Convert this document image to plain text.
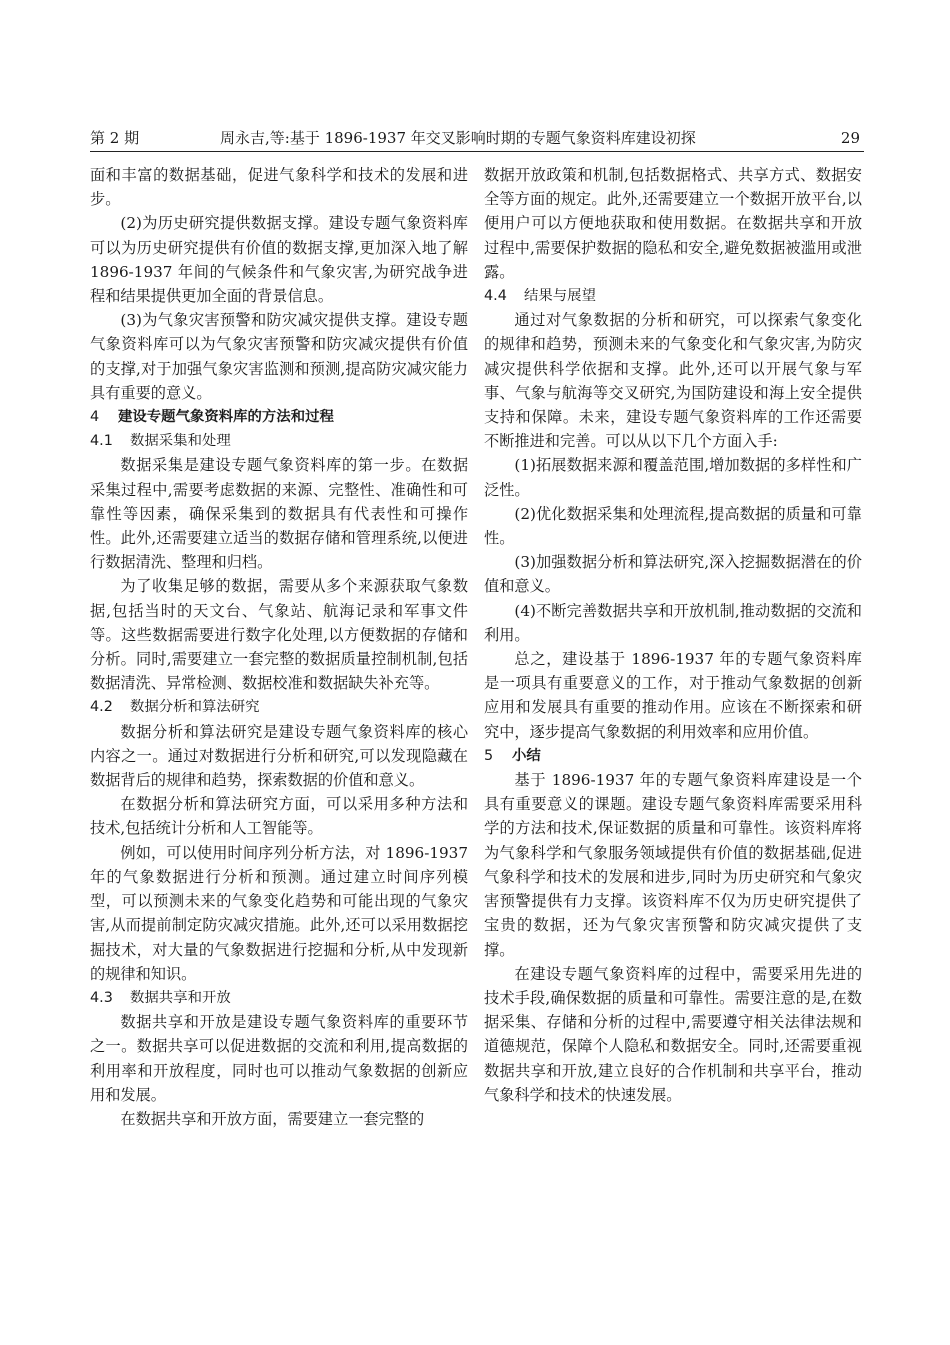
第 2 期	周永吉,等:基于 1896-1937 年交叉影响时期的专题气象资料库建设初探	29

面和丰富的数据基础，促进气象科学和技术的发展和进步。

(2)为历史研究提供数据支撑。建设专题气象资料库可以为历史研究提供有价值的数据支撑,更加深入地了解 1896-1937 年间的气候条件和气象灾害,为研究战争进程和结果提供更加全面的背景信息。

(3)为气象灾害预警和防灾减灾提供支撑。建设专题气象资料库可以为气象灾害预警和防灾减灾提供有价值的支撑,对于加强气象灾害监测和预测,提高防灾减灾能力具有重要的意义。

4 建设专题气象资料库的方法和过程
4.1 数据采集和处理

数据采集是建设专题气象资料库的第一步。在数据采集过程中,需要考虑数据的来源、完整性、准确性和可靠性等因素，确保采集到的数据具有代表性和可操作性。此外,还需要建立适当的数据存储和管理系统,以便进行数据清洗、整理和归档。

为了收集足够的数据，需要从多个来源获取气象数据,包括当时的天文台、气象站、航海记录和军事文件等。这些数据需要进行数字化处理,以方便数据的存储和分析。同时,需要建立一套完整的数据质量控制机制,包括数据清洗、异常检测、数据校准和数据缺失补充等。

4.2 数据分析和算法研究

数据分析和算法研究是建设专题气象资料库的核心内容之一。通过对数据进行分析和研究,可以发现隐藏在数据背后的规律和趋势，探索数据的价值和意义。

在数据分析和算法研究方面，可以采用多种方法和技术,包括统计分析和人工智能等。

例如，可以使用时间序列分析方法，对 1896-1937 年的气象数据进行分析和预测。通过建立时间序列模型，可以预测未来的气象变化趋势和可能出现的气象灾害,从而提前制定防灾减灾措施。此外,还可以采用数据挖掘技术，对大量的气象数据进行挖掘和分析,从中发现新的规律和知识。

4.3 数据共享和开放

数据共享和开放是建设专题气象资料库的重要环节之一。数据共享可以促进数据的交流和利用,提高数据的利用率和开放程度，同时也可以推动气象数据的创新应用和发展。

在数据共享和开放方面，需要建立一套完整的

数据开放政策和机制,包括数据格式、共享方式、数据安全等方面的规定。此外,还需要建立一个数据开放平台,以便用户可以方便地获取和使用数据。在数据共享和开放过程中,需要保护数据的隐私和安全,避免数据被滥用或泄露。

4.4 结果与展望

通过对气象数据的分析和研究，可以探索气象变化的规律和趋势，预测未来的气象变化和气象灾害,为防灾减灾提供科学依据和支撑。此外,还可以开展气象与军事、气象与航海等交叉研究,为国防建设和海上安全提供支持和保障。未来，建设专题气象资料库的工作还需要不断推进和完善。可以从以下几个方面入手:

(1)拓展数据来源和覆盖范围,增加数据的多样性和广泛性。

(2)优化数据采集和处理流程,提高数据的质量和可靠性。

(3)加强数据分析和算法研究,深入挖掘数据潜在的价值和意义。

(4)不断完善数据共享和开放机制,推动数据的交流和利用。

总之，建设基于 1896-1937 年的专题气象资料库是一项具有重要意义的工作，对于推动气象数据的创新应用和发展具有重要的推动作用。应该在不断探索和研究中，逐步提高气象数据的利用效率和应用价值。

5 小结

基于 1896-1937 年的专题气象资料库建设是一个具有重要意义的课题。建设专题气象资料库需要采用科学的方法和技术,保证数据的质量和可靠性。该资料库将为气象科学和气象服务领域提供有价值的数据基础,促进气象科学和技术的发展和进步,同时为历史研究和气象灾害预警提供有力支撑。该资料库不仅为历史研究提供了宝贵的数据，还为气象灾害预警和防灾减灾提供了支撑。

在建设专题气象资料库的过程中，需要采用先进的技术手段,确保数据的质量和可靠性。需要注意的是,在数据采集、存储和分析的过程中,需要遵守相关法律法规和道德规范，保障个人隐私和数据安全。同时,还需要重视数据共享和开放,建立良好的合作机制和共享平台，推动气象科学和技术的快速发展。
